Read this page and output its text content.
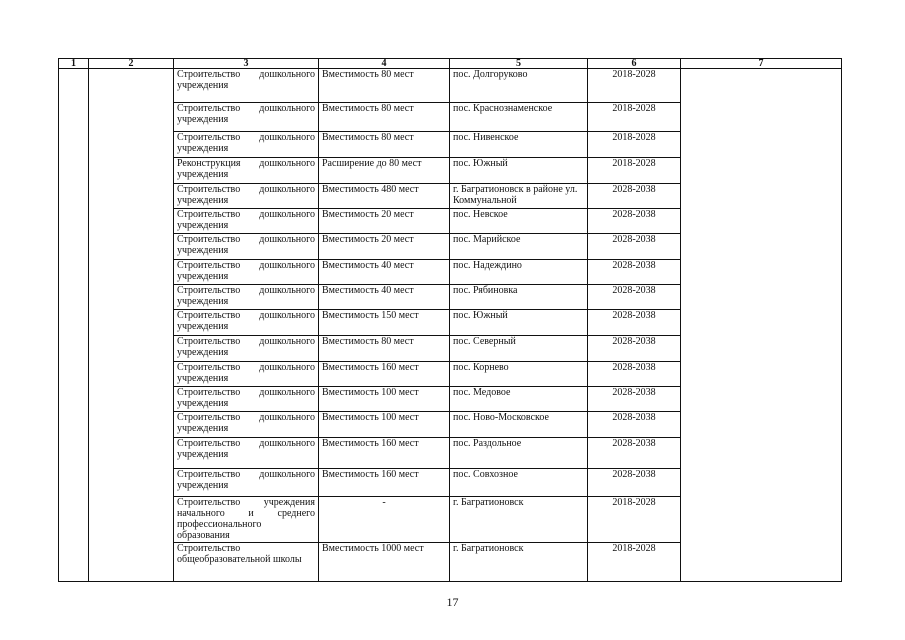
1	2	3	4	5	6	7
		Строительство дошкольного учреждения	Вместимость 80 мест	пос. Долгоруково	2018-2028	
		Строительство дошкольного учреждения	Вместимость 80 мест	пос. Краснознаменское	2018-2028	
		Строительство дошкольного учреждения	Вместимость 80 мест	пос. Нивенское	2018-2028	
		Реконструкция дошкольного учреждения	Расширение до 80 мест	пос. Южный	2018-2028	
		Строительство дошкольного учреждения	Вместимость 480 мест	г. Багратионовск в районе ул. Коммунальной	2028-2038	
		Строительство дошкольного учреждения	Вместимость 20 мест	пос. Невское	2028-2038	
		Строительство дошкольного учреждения	Вместимость 20 мест	пос. Марийское	2028-2038	
		Строительство дошкольного учреждения	Вместимость 40 мест	пос. Надеждино	2028-2038	
		Строительство дошкольного учреждения	Вместимость 40 мест	пос. Рябиновка	2028-2038	
		Строительство дошкольного учреждения	Вместимость 150 мест	пос. Южный	2028-2038	
		Строительство дошкольного учреждения	Вместимость 80 мест	пос. Северный	2028-2038	
		Строительство дошкольного учреждения	Вместимость 160 мест	пос. Корнево	2028-2038	
		Строительство дошкольного учреждения	Вместимость 100 мест	пос. Медовое	2028-2038	
		Строительство дошкольного учреждения	Вместимость 100 мест	пос. Ново-Московское	2028-2038	
		Строительство дошкольного учреждения	Вместимость 160 мест	пос. Раздольное	2028-2038	
		Строительство дошкольного учреждения	Вместимость 160 мест	пос. Совхозное	2028-2038	
		Строительство учреждения начального и среднего профессионального образования	-	г. Багратионовск	2018-2028	
		Строительство общеобразовательной школы	Вместимость 1000 мест	г. Багратионовск	2018-2028	
17
